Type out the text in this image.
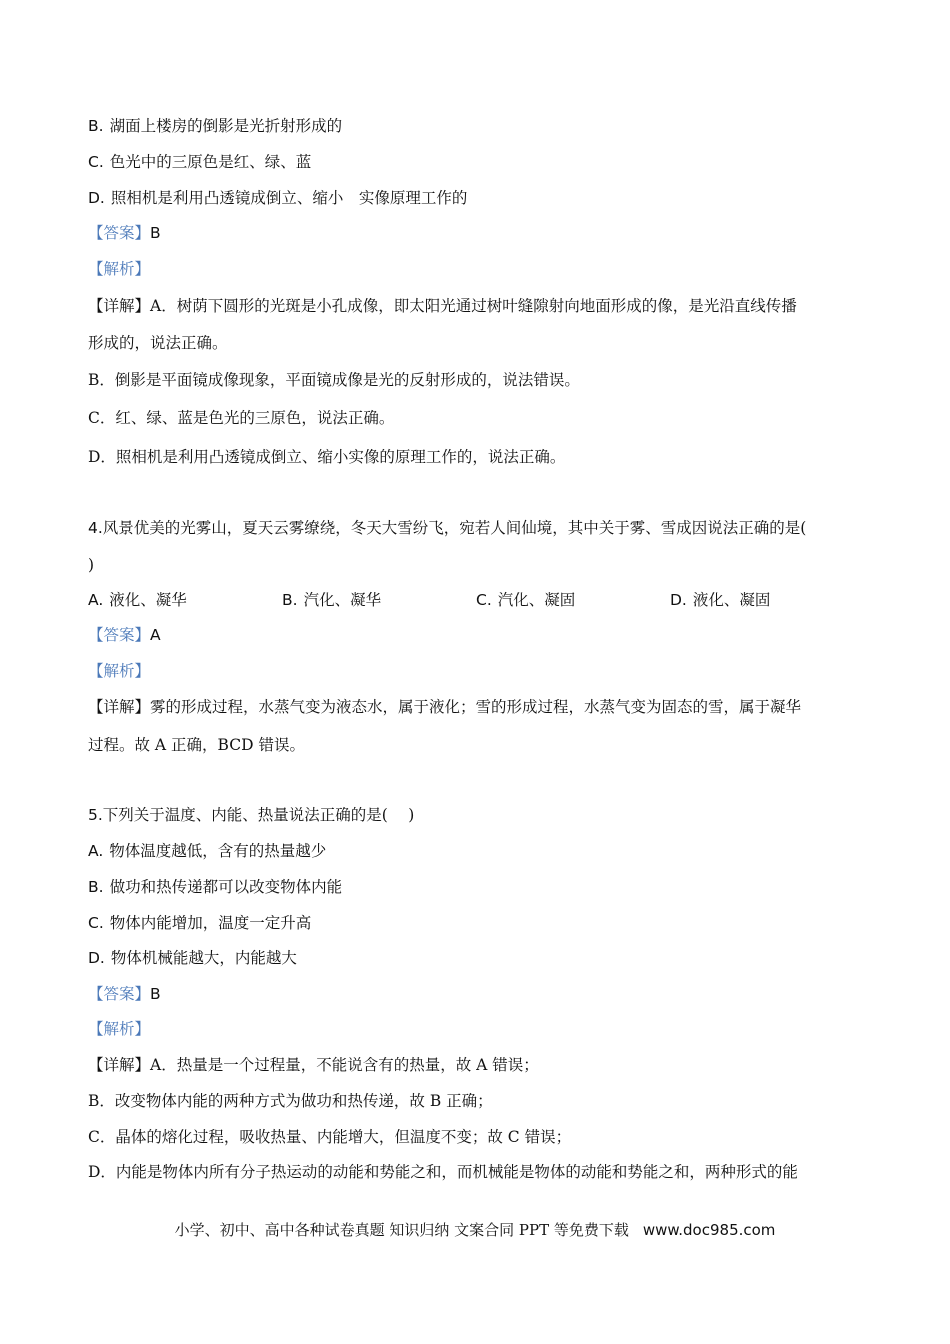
B. 湖面上楼房的倒影是光折射形成的
C. 色光中的三原色是红、绿、蓝
D. 照相机是利用凸透镜成倒立、缩小　实像原理工作的
【答案】B
【解析】
【详解】A．树荫下圆形的光斑是小孔成像，即太阳光通过树叶缝隙射向地面形成的像，是光沿直线传播
形成的，说法正确。
B．倒影是平面镜成像现象，平面镜成像是光的反射形成的，说法错误。
C．红、绿、蓝是色光的三原色，说法正确。
D．照相机是利用凸透镜成倒立、缩小实像的原理工作的，说法正确。
4.风景优美的光雾山，夏天云雾缭绕，冬天大雪纷飞，宛若人间仙境，其中关于雾、雪成因说法正确的是(
)
A. 液化、凝华	B. 汽化、凝华	C. 汽化、凝固	D. 液化、凝固
【答案】A
【解析】
【详解】雾的形成过程，水蒸气变为液态水，属于液化；雪的形成过程，水蒸气变为固态的雪，属于凝华
过程。故 A 正确，BCD 错误。
5.下列关于温度、内能、热量说法正确的是(　 )
A. 物体温度越低，含有的热量越少
B. 做功和热传递都可以改变物体内能
C. 物体内能增加，温度一定升高
D. 物体机械能越大，内能越大
【答案】B
【解析】
【详解】A．热量是一个过程量，不能说含有的热量，故 A 错误；
B．改变物体内能的两种方式为做功和热传递，故 B 正确；
C．晶体的熔化过程，吸收热量、内能增大，但温度不变；故 C 错误；
D．内能是物体内所有分子热运动的动能和势能之和，而机械能是物体的动能和势能之和，两种形式的能
小学、初中、高中各种试卷真题 知识归纳 文案合同 PPT 等免费下载 www.doc985.com
